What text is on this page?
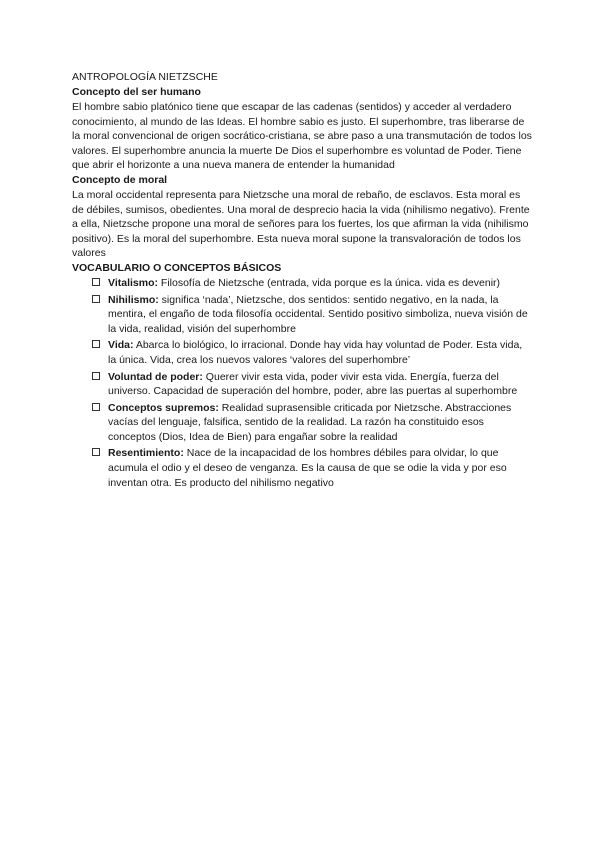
ANTROPOLOGÍA NIETZSCHE

Concepto del ser humano

El hombre sabio platónico tiene que escapar de las cadenas (sentidos) y acceder al verdadero conocimiento, al mundo de las Ideas. El hombre sabio es justo. El superhombre, tras liberarse de la moral convencional de origen socrático-cristiana, se abre paso a una transmutación de todos los valores. El superhombre anuncia la muerte De Dios el superhombre es voluntad de Poder. Tiene que abrir el horizonte a una nueva manera de entender la humanidad

Concepto de moral

La moral occidental representa para Nietzsche una moral de rebaño, de esclavos. Esta moral es de débiles, sumisos, obedientes. Una moral de desprecio hacia la vida (nihilismo negativo). Frente a ella, Nietzsche propone una moral de señores para los fuertes, los que afirman la vida (nihilismo positivo). Es la moral del superhombre. Esta nueva moral supone la transvaloración de todos los valores

VOCABULARIO O CONCEPTOS BÁSICOS

Vitalismo: Filosofía de Nietzsche (entrada, vida porque es la única. vida es devenir)
Nihilismo: significa ‘nada’, Nietzsche, dos sentidos: sentido negativo, en la nada, la mentira, el engaño de toda filosofía occidental. Sentido positivo simboliza, nueva visión de la vida, realidad, visión del superhombre
Vida: Abarca lo biológico, lo irracional. Donde hay vida hay voluntad de Poder. Esta vida, la única. Vida, crea los nuevos valores ‘valores del superhombre’
Voluntad de poder: Querer vivir esta vida, poder vivir esta vida. Energía, fuerza del universo. Capacidad de superación del hombre, poder, abre las puertas al superhombre
Conceptos supremos: Realidad suprasensible criticada por Nietzsche. Abstracciones vacías del lenguaje, falsifica, sentido de la realidad. La razón ha constituido esos conceptos (Dios, Idea de Bien) para engañar sobre la realidad
Resentimiento: Nace de la incapacidad de los hombres débiles para olvidar, lo que acumula el odio y el deseo de venganza. Es la causa de que se odie la vida y por eso inventan otra. Es producto del nihilismo negativo
